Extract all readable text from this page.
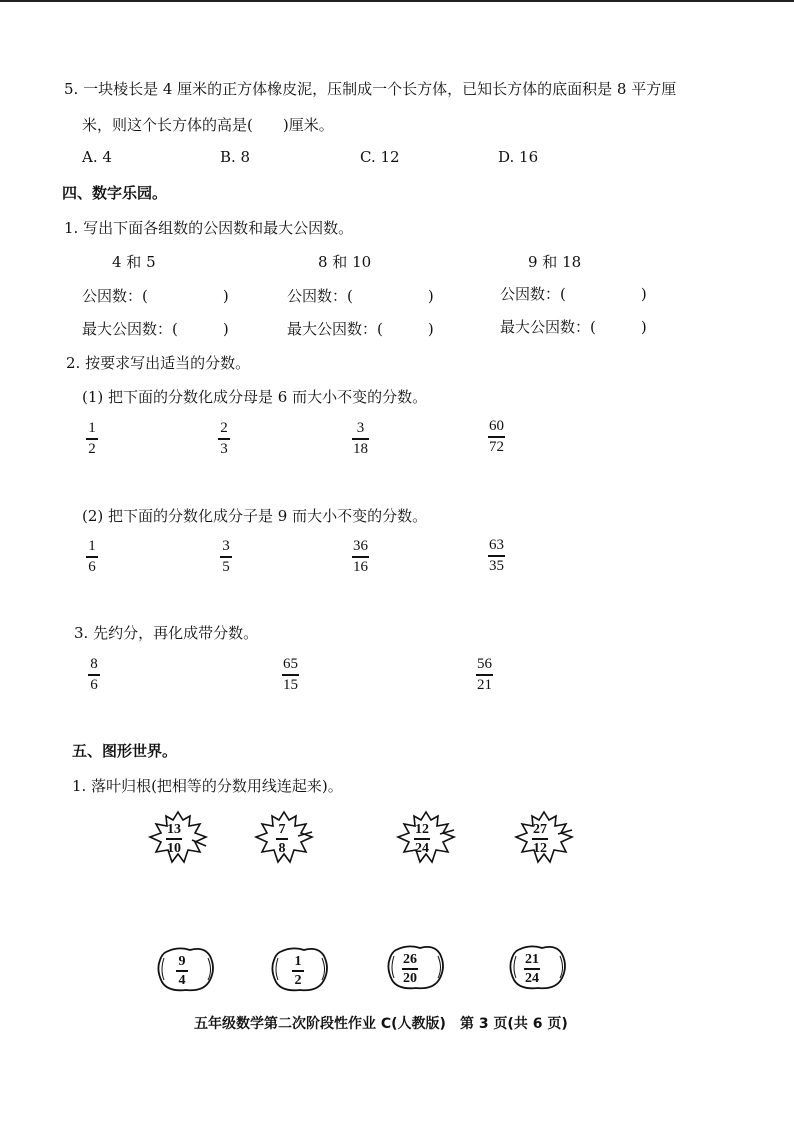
5. 一块棱长是 4 厘米的正方体橡皮泥，压制成一个长方体，已知长方体的底面积是 8 平方厘
米，则这个长方体的高是(　　)厘米。
A. 4	B. 8	C. 12	D. 16
四、数字乐园。
1. 写出下面各组数的公因数和最大公因数。
4 和 5	8 和 10	9 和 18
公因数：(　　　　　)	公因数：(　　　　　)	公因数：(　　　　　)
最大公因数：(　　　)	最大公因数：(　　　)	最大公因数：(　　　)
2. 按要求写出适当的分数。
(1) 把下面的分数化成分母是 6 而大小不变的分数。
1
2
2
3
3
18
60
72
(2) 把下面的分数化成分子是 9 而大小不变的分数。
1
6
3
5
36
16
63
35
3. 先约分，再化成带分数。
8
6
65
15
56
21
五、图形世界。
1. 落叶归根(把相等的分数用线连起来)。
13
10
7
8
12
24
27
12
9
4
1
2
26
20
21
24
五年级数学第二次阶段性作业 C(人教版)　第 3 页(共 6 页)
